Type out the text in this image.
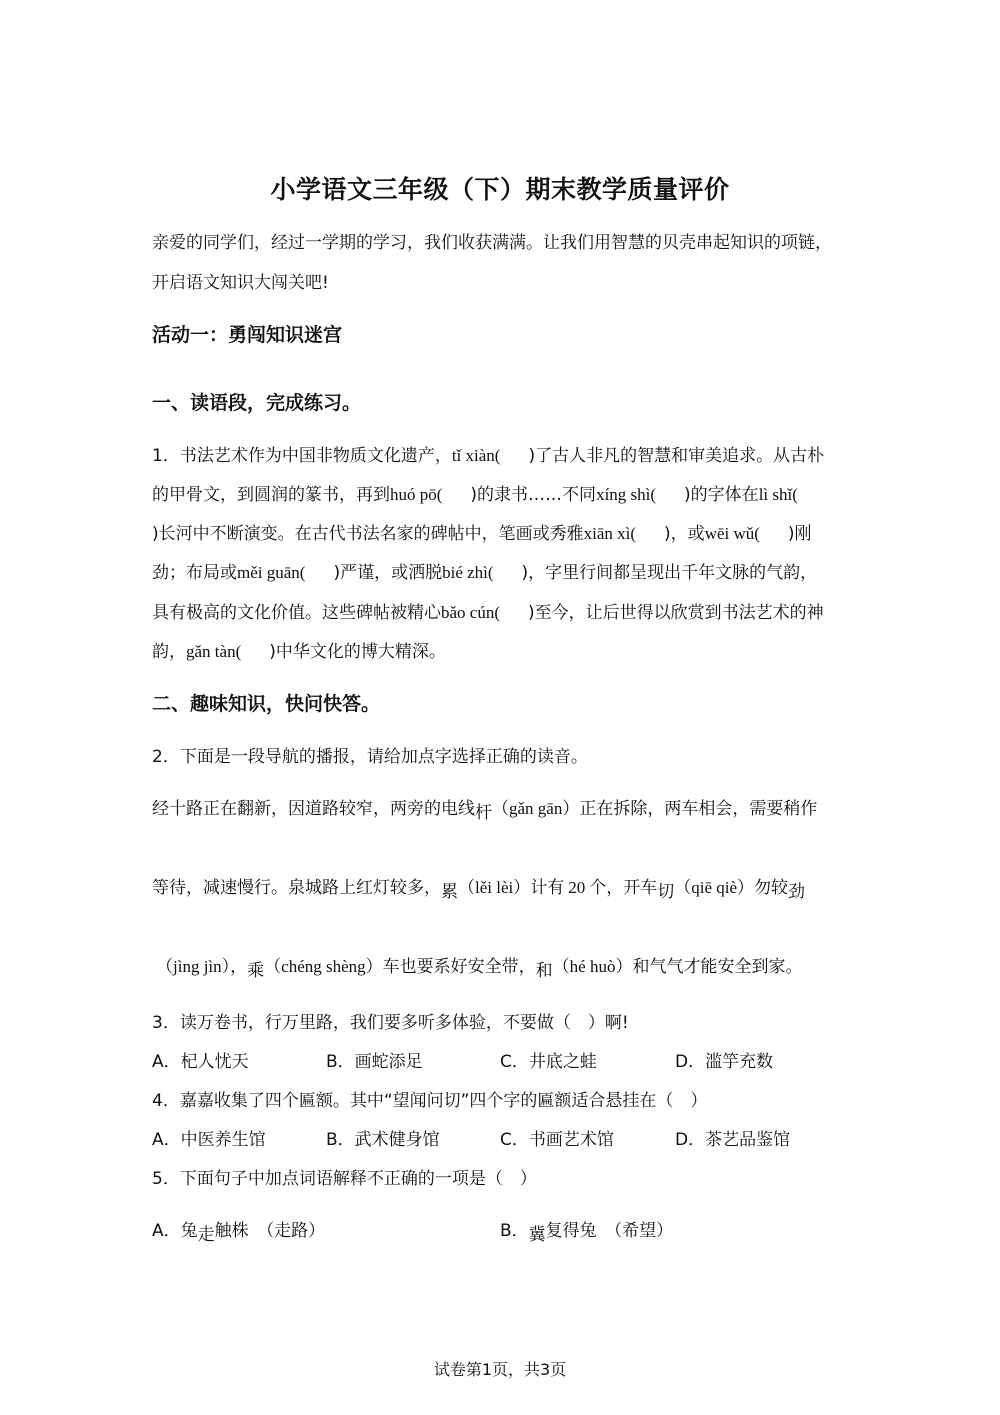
小学语文三年级（下）期末教学质量评价
亲爱的同学们，经过一学期的学习，我们收获满满。让我们用智慧的贝壳串起知识的项链，
开启语文知识大闯关吧!
活动一：勇闯知识迷宫
一、读语段，完成练习。
1．书法艺术作为中国非物质文化遗产，tǐ xiàn( )了古人非凡的智慧和审美追求。从古朴
的甲骨文，到圆润的篆书，再到huó pō( )的隶书……不同xíng shì( )的字体在lì shǐ(
)长河中不断演变。在古代书法名家的碑帖中，笔画或秀雅xiān xì( )，或wēi wǔ( )刚
劲；布局或měi guān( )严谨，或洒脱bié zhì( )，字里行间都呈现出千年文脉的气韵，
具有极高的文化价值。这些碑帖被精心bǎo cún( )至今，让后世得以欣赏到书法艺术的神
韵，gǎn tàn( )中华文化的博大精深。
二、趣味知识，快问快答。
2．下面是一段导航的播报，请给加点字选择正确的读音。
经十路正在翻新，因道路较窄，两旁的电线杆（gǎn gān）正在拆除，两车相会，需要稍作
等待，减速慢行。泉城路上红灯较多，累（lěi lèi）计有 20 个，开车切（qiē qiè）勿较劲
（jìng jìn），乘（chéng shèng）车也要系好安全带，和（hé huò）和气气才能安全到家。
3．读万卷书，行万里路，我们要多听多体验，不要做（　）啊!
A．杞人忧天	B．画蛇添足	C．井底之蛙	D．滥竽充数
4．嘉嘉收集了四个匾额。其中“望闻问切”四个字的匾额适合悬挂在（　）
A．中医养生馆	B．武术健身馆	C．书画艺术馆	D．茶艺品鉴馆
5．下面句子中加点词语解释不正确的一项是（　）
A．兔走触株　（走路）	B．冀复得兔　（希望）
试卷第1页，共3页
